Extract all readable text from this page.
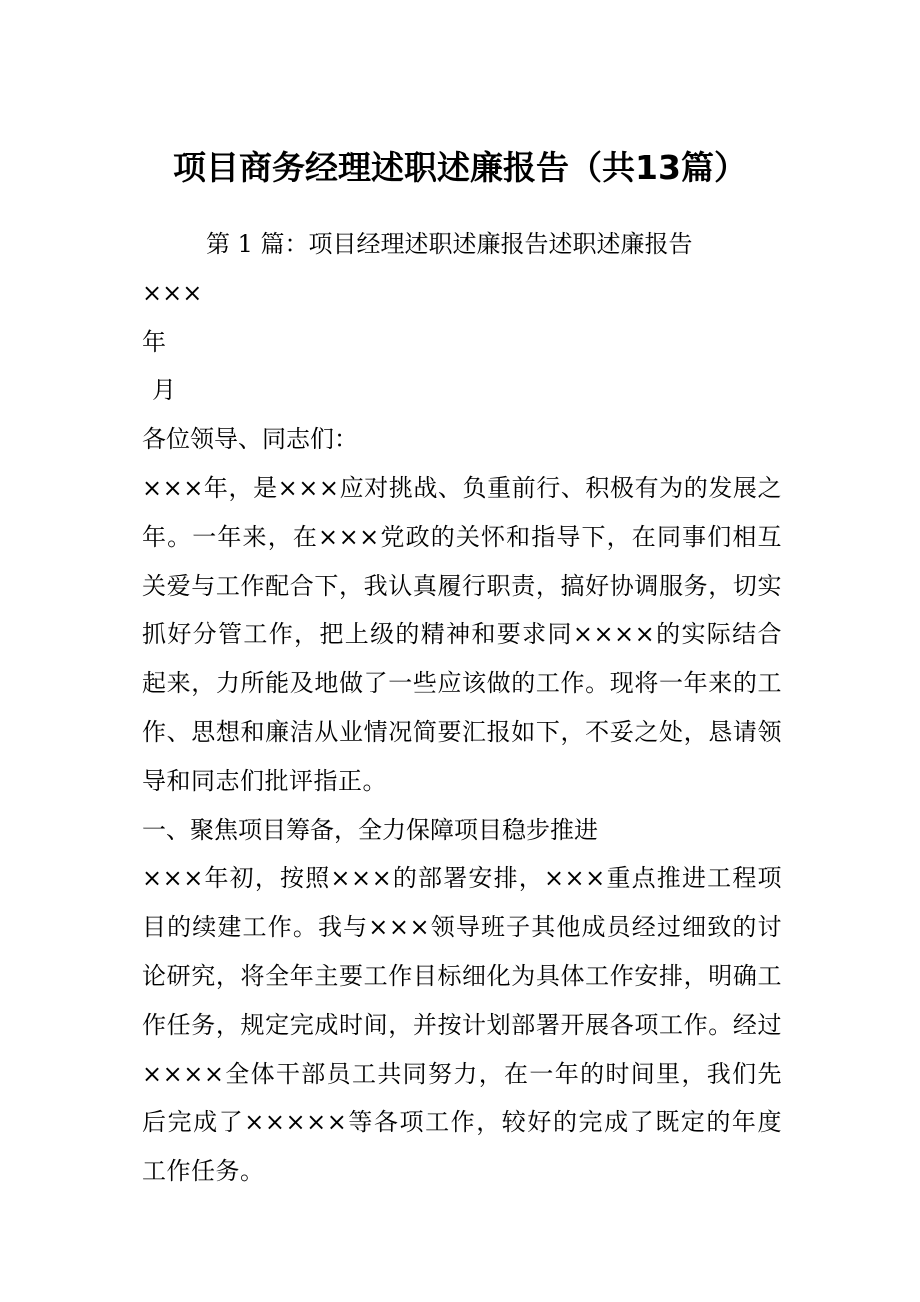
项目商务经理述职述廉报告（共13篇）
第 1 篇：项目经理述职述廉报告述职述廉报告
×××
年
月
各位领导、同志们：

×××年，是×××应对挑战、负重前行、积极有为的发展之年。一年来，在×××党政的关怀和指导下，在同事们相互关爱与工作配合下，我认真履行职责，搞好协调服务，切实抓好分管工作，把上级的精神和要求同××××的实际结合起来，力所能及地做了一些应该做的工作。现将一年来的工作、思想和廉洁从业情况简要汇报如下，不妥之处，恳请领导和同志们批评指正。

一、聚焦项目筹备，全力保障项目稳步推进

×××年初，按照×××的部署安排，×××重点推进工程项目的续建工作。我与×××领导班子其他成员经过细致的讨论研究，将全年主要工作目标细化为具体工作安排，明确工作任务，规定完成时间，并按计划部署开展各项工作。经过××××全体干部员工共同努力，在一年的时间里，我们先后完成了×××××等各项工作，较好的完成了既定的年度工作任务。
